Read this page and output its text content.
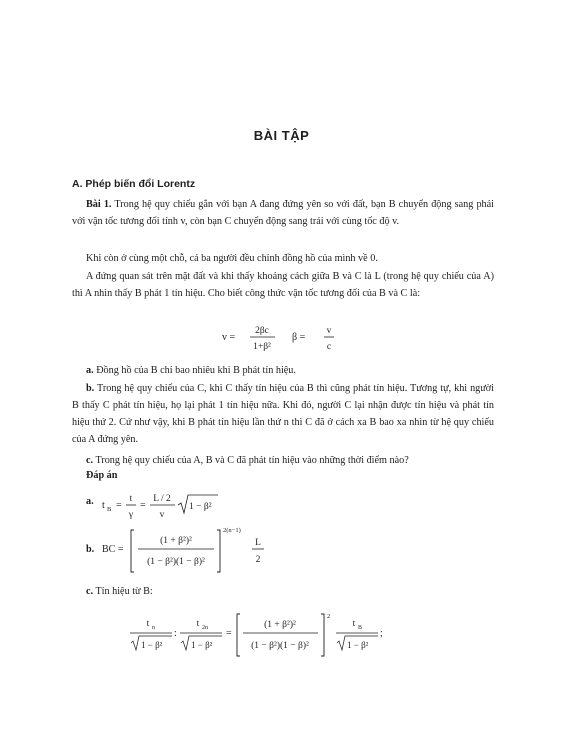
BÀI TẬP
A. Phép biến đổi Lorentz

Bài 1. Trong hệ quy chiếu gắn với bạn A đang đứng yên so với đất, bạn B chuyển động sang phải với vận tốc tương đối tính v, còn bạn C chuyển động sang trái với cùng tốc độ v.

Khi còn ở cùng một chỗ, cả ba người đều chỉnh đồng hồ của mình về 0.

A đứng quan sát trên mặt đất và khi thấy khoảng cách giữa B và C là L (trong hệ quy chiếu của A) thì A nhìn thấy B phát 1 tín hiệu. Cho biết công thức vận tốc tương đối của B và C là:

v =
2βc
1+β²
β =
v
c

a. Đồng hồ của B chỉ bao nhiêu khi B phát tín hiệu.

b. Trong hệ quy chiếu của C, khi C thấy tín hiệu của B thì cũng phát tín hiệu. Tương tự, khi người B thấy C phát tín hiệu, họ lại phát 1 tín hiệu nữa. Khi đó, người C lại nhận được tín hiệu và phát tín hiệu thứ 2. Cứ như vậy, khi B phát tín hiệu lần thứ n thì C đã ở cách xa B bao xa nhìn từ hệ quy chiếu của A đứng yên.

c. Trong hệ quy chiếu của A, B và C đã phát tín hiệu vào những thời điểm nào?

Đáp án
a. t B =
t
γ
=
L / 2
v
1 − β²
b. BC =
(1 + β²)²
(1 − β²)(1 − β)²
2(n−1)
L
2
c. Tín hiệu từ B:
t n
1 − β²
:
t 2n
1 − β²
=
(1 + β²)²
(1 − β²)(1 − β)²
2
t B
1 − β²
;
